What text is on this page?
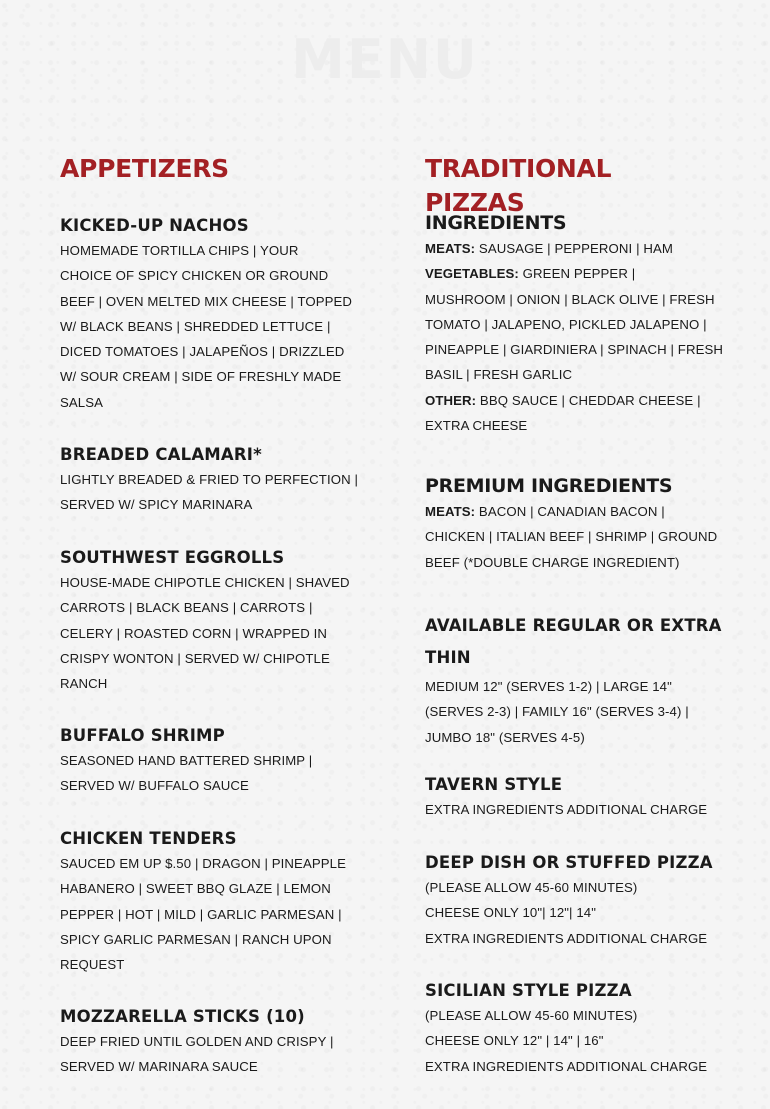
MENU
APPETIZERS
KICKED-UP NACHOS
HOMEMADE TORTILLA CHIPS | YOUR
CHOICE OF SPICY CHICKEN OR GROUND
BEEF | OVEN MELTED MIX CHEESE | TOPPED
W/ BLACK BEANS | SHREDDED LETTUCE |
DICED TOMATOES | JALAPEÑOS | DRIZZLED
W/ SOUR CREAM | SIDE OF FRESHLY MADE
SALSA
BREADED CALAMARI*
LIGHTLY BREADED & FRIED TO PERFECTION |
SERVED W/ SPICY MARINARA
SOUTHWEST EGGROLLS
HOUSE-MADE CHIPOTLE CHICKEN | SHAVED
CARROTS | BLACK BEANS | CARROTS |
CELERY | ROASTED CORN | WRAPPED IN
CRISPY WONTON | SERVED W/ CHIPOTLE
RANCH
BUFFALO SHRIMP
SEASONED HAND BATTERED SHRIMP |
SERVED W/ BUFFALO SAUCE
CHICKEN TENDERS
SAUCED EM UP $.50 | DRAGON | PINEAPPLE
HABANERO | SWEET BBQ GLAZE | LEMON
PEPPER | HOT | MILD | GARLIC PARMESAN |
SPICY GARLIC PARMESAN | RANCH UPON
REQUEST
MOZZARELLA STICKS (10)
DEEP FRIED UNTIL GOLDEN AND CRISPY |
SERVED W/ MARINARA SAUCE
TRADITIONAL PIZZAS
INGREDIENTS
MEATS: SAUSAGE | PEPPERONI | HAM
VEGETABLES: GREEN PEPPER |
MUSHROOM | ONION | BLACK OLIVE | FRESH
TOMATO | JALAPENO, PICKLED JALAPENO |
PINEAPPLE | GIARDINIERA | SPINACH | FRESH
BASIL | FRESH GARLIC
OTHER: BBQ SAUCE | CHEDDAR CHEESE |
EXTRA CHEESE
PREMIUM INGREDIENTS
MEATS: BACON | CANADIAN BACON |
CHICKEN | ITALIAN BEEF | SHRIMP | GROUND
BEEF (*DOUBLE CHARGE INGREDIENT)
AVAILABLE REGULAR OR EXTRA
THIN
MEDIUM 12" (SERVES 1-2) | LARGE 14"
(SERVES 2-3) | FAMILY 16" (SERVES 3-4) |
JUMBO 18" (SERVES 4-5)
TAVERN STYLE
EXTRA INGREDIENTS ADDITIONAL CHARGE
DEEP DISH OR STUFFED PIZZA
(PLEASE ALLOW 45-60 MINUTES)
CHEESE ONLY 10"| 12"| 14"
EXTRA INGREDIENTS ADDITIONAL CHARGE
SICILIAN STYLE PIZZA
(PLEASE ALLOW 45-60 MINUTES)
CHEESE ONLY 12" | 14" | 16"
EXTRA INGREDIENTS ADDITIONAL CHARGE
